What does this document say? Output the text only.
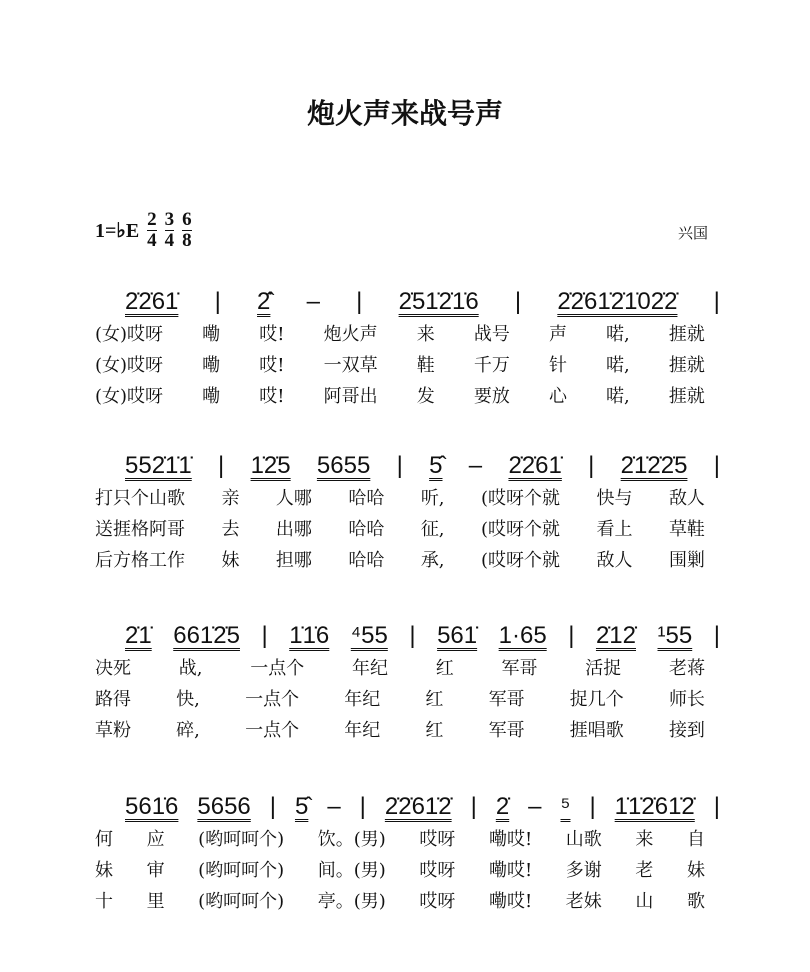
炮火声来战号声
1=♭E $\frac{2}{4} \frac{3}{4} \frac{6}{8}$	兴国
2̇2̇61̇ | 2̇̂ – | 2̇51̇2̇1̇6 | 2̇2̇61̇2̇1̇02̇2̇ |
(女)哎呀 嘞 哎! 炮火声 来 战号 声 喏, 捱就
(女)哎呀 嘞 哎! 一双草 鞋 千万 针 喏, 捱就
(女)哎呀 嘞 哎! 阿哥出 发 要放 心 喏, 捱就
552̇1̇1̇ | 1̇2̇5 5655 | 5̂ – 2̇2̇61̇ | 2̇1̇2̇2̇5 |
打只个山歌 亲 人哪 哈哈 听, (哎呀个就 快与 敌人
送捱格阿哥 去 出哪 哈哈 征, (哎呀个就 看上 草鞋
后方格工作 妹 担哪 哈哈 承, (哎呀个就 敌人 围剿
2̇1̇ 661̇2̇5 | 1̇1̇6 ⁴55 | 561̇ 1·65 | 2̇12̇ ¹55 |
决死	战,	一点个	年纪	红	军哥	活捉	老蒋
路得	快,	一点个	年纪	红	军哥	捉几个	师长
草粉	碎,	一点个	年纪	红	军哥	捱唱歌	接到
561̇6 5656 | 5̂ – | 2̇2̇61̇2̇ | 2̇ – ⁵ | 1̇1̇2̇61̇2̇ |
何 应 (哟呵呵个) 饮。(男) 哎呀 嘞哎! 山歌 来 自
妹 审 (哟呵呵个) 间。(男) 哎呀 嘞哎! 多谢 老 妹
十 里 (哟呵呵个) 亭。(男) 哎呀 嘞哎! 老妹 山 歌
